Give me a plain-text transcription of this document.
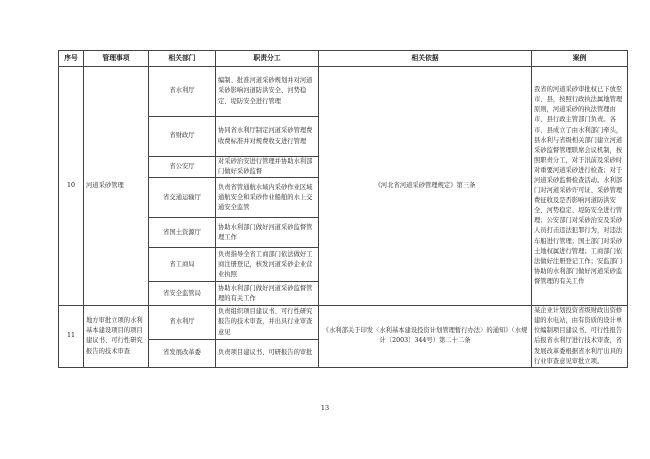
序号	管理事项	相关部门	职责分工	相关依据	案例
10	河道采砂管理	省水利厅	编制、批准河道采砂规划并对河道采砂影响河道防洪安全、河势稳定、堤防安全进行管理	《河北省河道采砂管理规定》第三条	我省的河道采砂审批权已下放至市、县，按照行政执法属地管理原则，河道采砂的执法管理由市、县行政主管部门负责。各市、县成立了由水利部门牵头，县水利与省级相关部门建立河道采砂监督管理联席会议机制，按照职责分工，对于汛前及采砂时对重要河道采砂进行检查；对于河道采砂监督检查活动。水利部门对河道采砂许可证、采砂管理费征收及是否影响河道防洪安全、河势稳定、堤防安全进行管理；公安部门对采砂治安及采砂人员打击违法犯罪行为，对违法车船进行管理；国土部门对采砂土地权属进行管理；工商部门依法做好注册登记工作；安监部门协助的水利部门做好河道采砂监督管理的有关工作
		省财政厅	协同省水利厅制定河道采砂管理费收费标准并对规费收支进行管理		
		省公安厅	对采砂治安进行管理并协助水利部门做好采砂监督		
		省交通运输厅	负责省管通航水域内采砂作业区域通航安全和采砂作业船舶的水上交通安全监管		
		省国土资源厅	协助水利部门做好河道采砂监督管理工作		
		省工商局	负责指导全省工商部门依法做好工商注册登记，核发河道采砂企业营业执照		
		省安全监管局	协助水利部门做好河道采砂监督管理的有关工作		
11	地方审批立项的水利基本建设项目的项目建议书、可行性研究报告的技术审查	省水利厅	负责组织项目建议书、可行性研究报告的技术审查，并出具行业审查意见	《水利部关于印发〈水利基本建设投资计划管理暂行办法〉的通知》（水规计〔2003〕344号）第二十二条	某企业计划投资省级财政出资修建的水电站，由有资质的设计单位编制项目建议书、可行性报告后报省水利厅进行技术审查，省发展改革委根据省水利厅出具的行业审查意见审批立项。
		省发展改革委	负责项目建议书、可研报告的审批		
13
